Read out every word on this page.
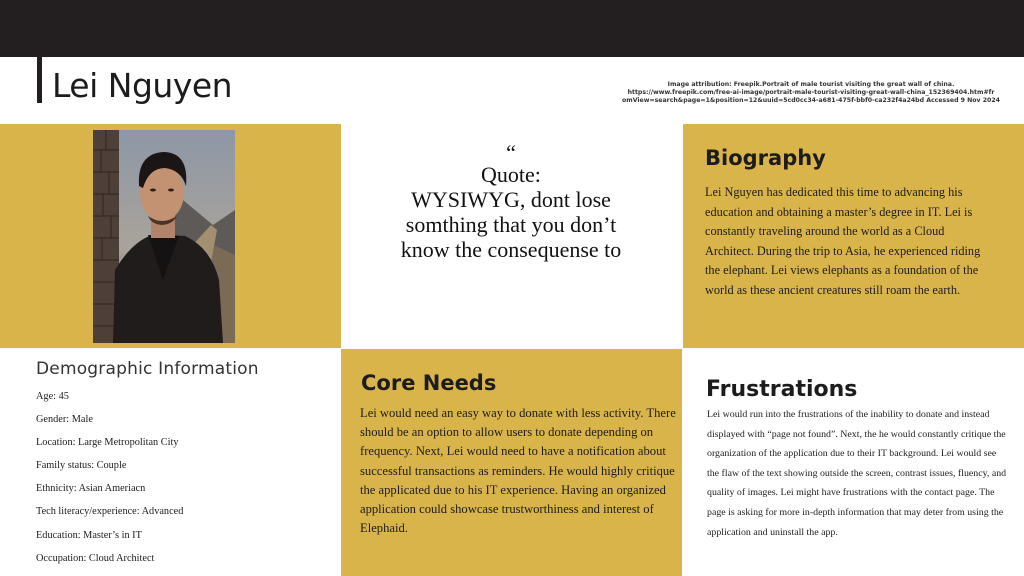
Lei Nguyen	Image attribution: Freepik.Portrait of male tourist visiting the great wall of china.
https://www.freepik.com/free-ai-image/portrait-male-tourist-visiting-great-wall-china_152369404.htm#fr
omView=search&page=1&position=12&uuid=5cd0cc34-a681-475f-bbf0-ca232f4a24bd Accessed 9 Nov 2024
“
Quote:
WYSIWYG, dont lose somthing that you don’t know the consequense to
Biography
Lei Nguyen has dedicated this time to advancing his education and obtaining a master’s degree in IT. Lei is constantly traveling around the world as a Cloud Architect. During the trip to Asia, he experienced riding the elephant. Lei views elephants as a foundation of the world as these ancient creatures still roam the earth.
Demographic Information
Age: 45
Gender: Male
Location: Large Metropolitan City
Family status: Couple
Ethnicity: Asian Ameriacn
Tech literacy/experience: Advanced
Education: Master’s in IT
Occupation: Cloud Architect
Core Needs
Lei would need an easy way to donate with less activity. There should be an option to allow users to donate depending on frequency. Next, Lei would need to have a notification about successful transactions as reminders. He would highly critique the applicated due to his IT experience. Having an organized application could showcase trustworthiness and interest of Elephaid.
Frustrations
Lei would run into the frustrations of the inability to donate and instead displayed with “page not found”. Next, the he would constantly critique the organization of the application due to their IT background. Lei would see the flaw of the text showing outside the screen, contrast issues, fluency, and quality of images. Lei might have frustrations with the contact page. The page is asking for more in-depth information that may deter from using the application and uninstall the app.
